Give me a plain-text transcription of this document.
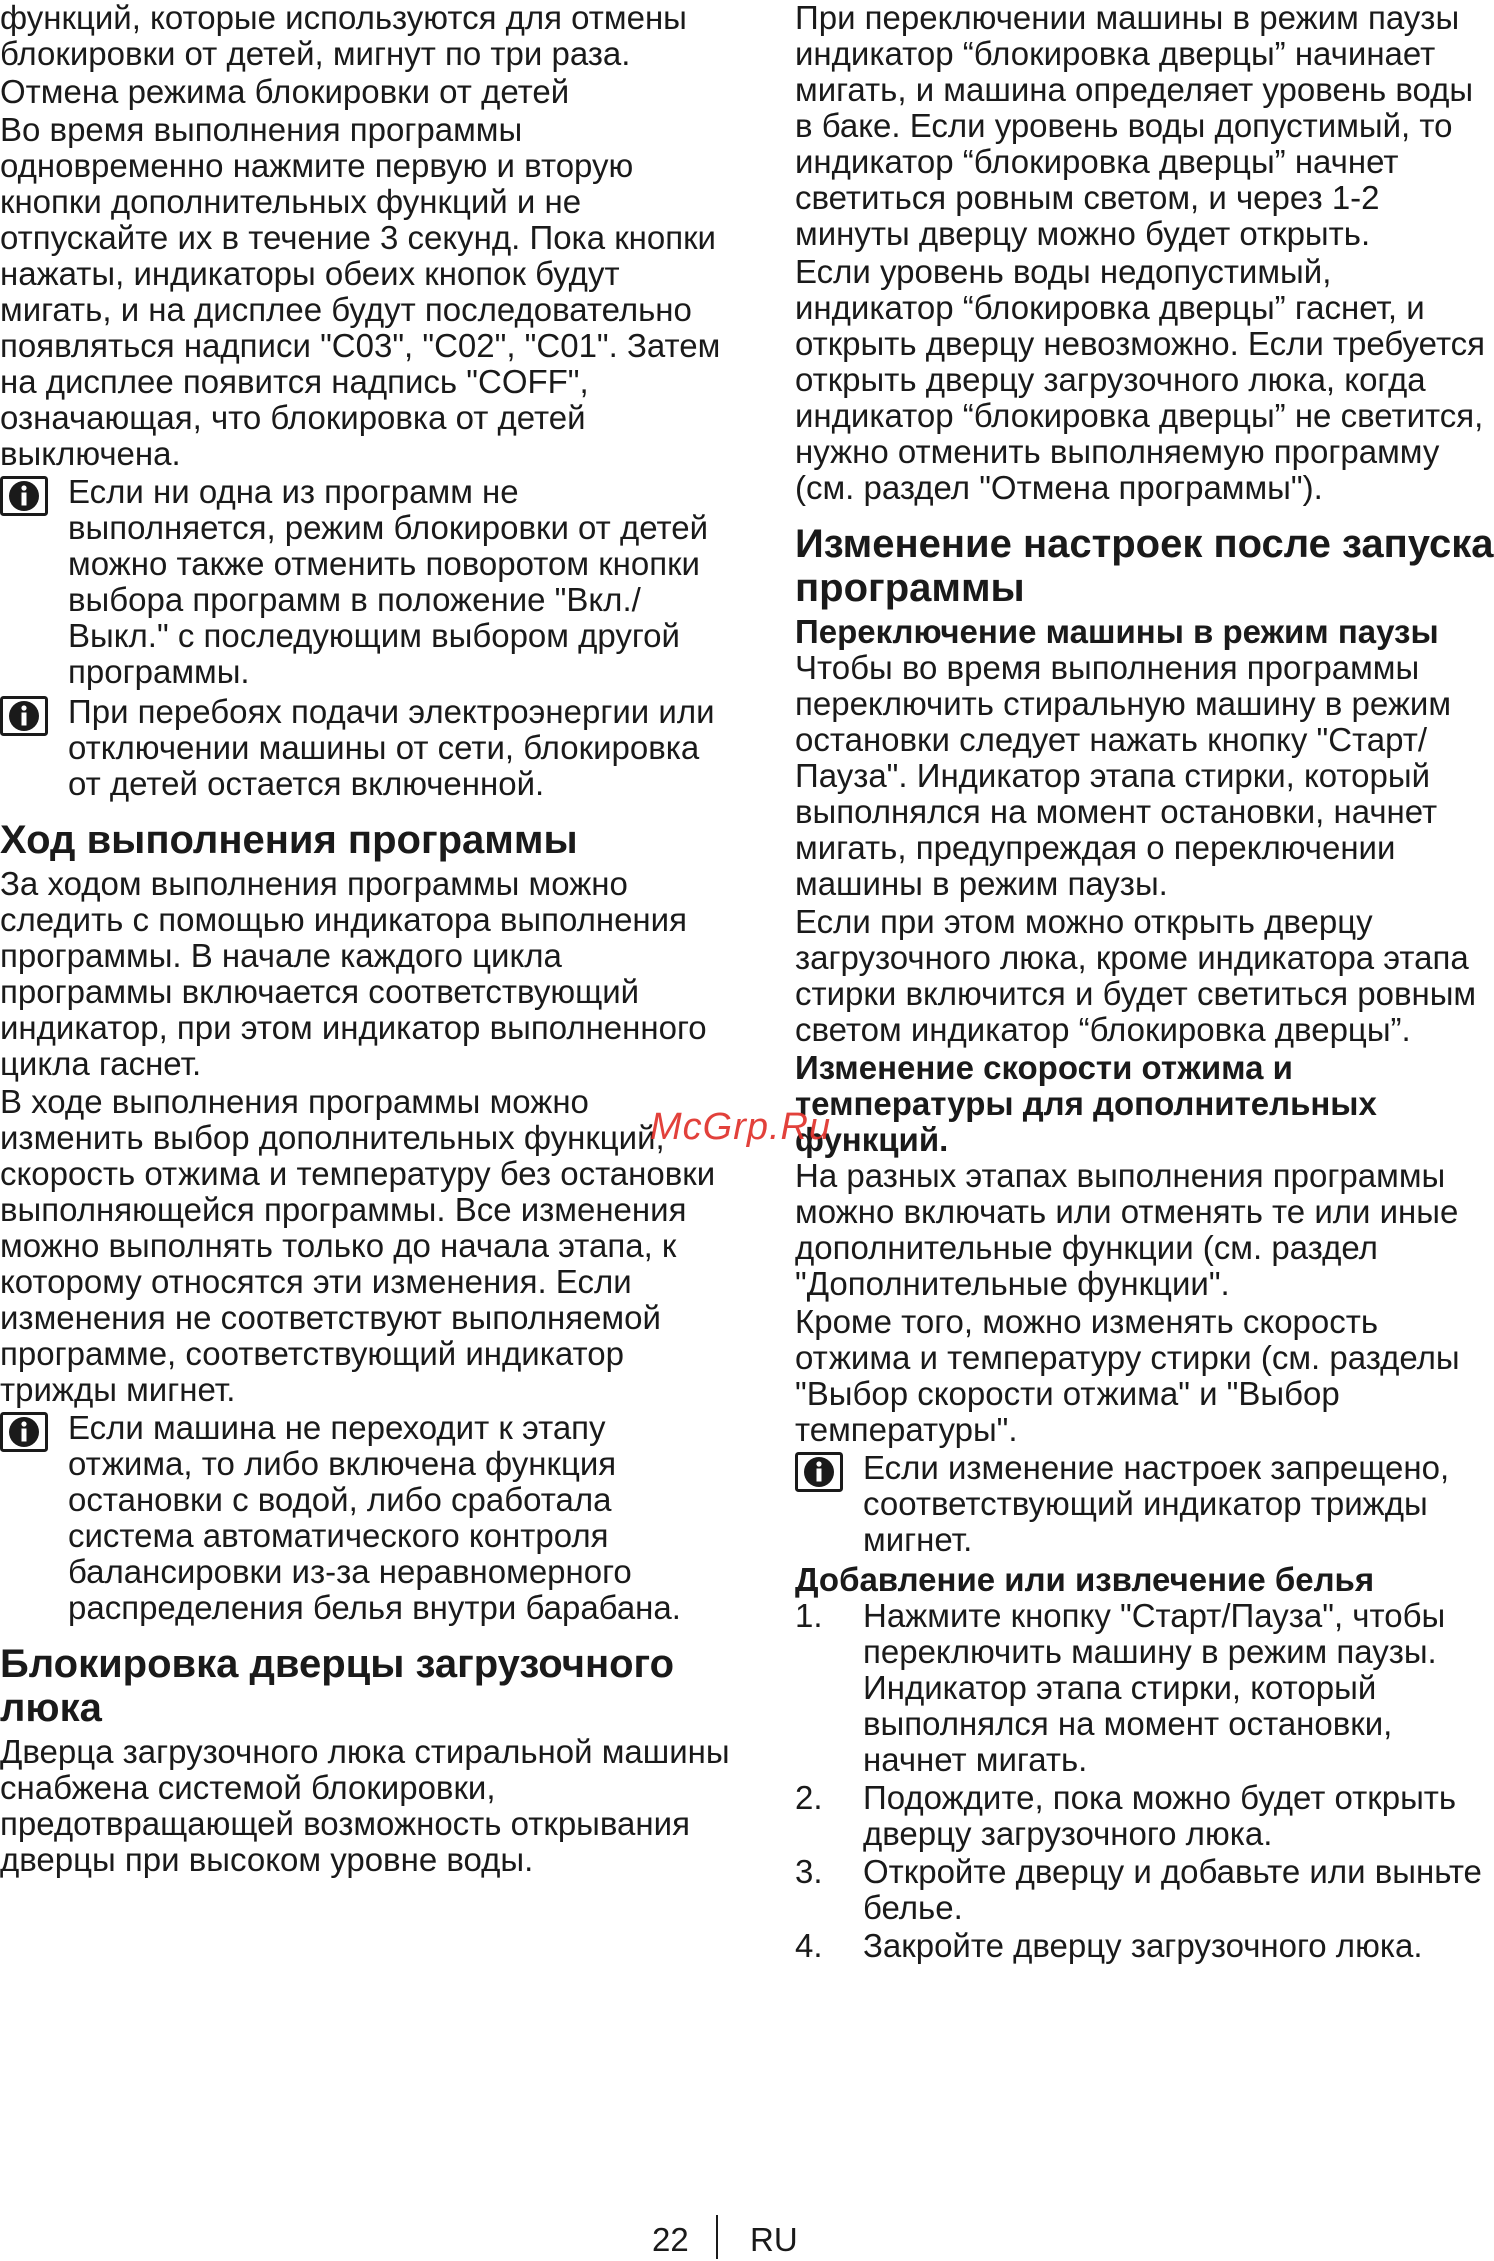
функций, которые используются для отмены блокировки от детей, мигнут по три раза.

Отмена режима блокировки от детей

Во время выполнения программы одновременно нажмите первую и вторую кнопки дополнительных функций и не отпускайте их в течение 3 секунд. Пока кнопки нажаты, индикаторы обеих кнопок будут мигать, и на дисплее будут последовательно появляться надписи "C03", "C02", "C01". Затем на дисплее появится надпись "COFF", означающая, что блокировка от детей выключена.

Если ни одна из программ не выполняется, режим блокировки от детей можно также отменить поворотом кнопки выбора программ в положение "Вкл./Выкл." с последующим выбором другой программы.

При перебоях подачи электроэнергии или отключении машины от сети, блокировка от детей остается включенной.

Ход выполнения программы

За ходом выполнения программы можно следить с помощью индикатора выполнения программы. В начале каждого цикла программы включается соответствующий индикатор, при этом индикатор выполненного цикла гаснет.

В ходе выполнения программы можно изменить выбор дополнительных функций, скорость отжима и температуру без остановки выполняющейся программы. Все изменения можно выполнять только до начала этапа, к которому относятся эти изменения. Если изменения не соответствуют выполняемой программе, соответствующий индикатор трижды мигнет.

Если машина не переходит к этапу отжима, то либо включена функция остановки с водой, либо сработала система автоматического контроля балансировки из-за неравномерного распределения белья внутри барабана.

Блокировка дверцы загрузочного люка

Дверца загрузочного люка стиральной машины снабжена системой блокировки, предотвращающей возможность открывания дверцы при высоком уровне воды.

При переключении машины в режим паузы индикатор “блокировка дверцы” начинает мигать, и машина определяет уровень воды в баке. Если уровень воды допустимый, то индикатор “блокировка дверцы” начнет светиться ровным светом, и через 1-2 минуты дверцу можно будет открыть.

Если уровень воды недопустимый, индикатор “блокировка дверцы” гаснет, и открыть дверцу невозможно. Если требуется открыть дверцу загрузочного люка, когда индикатор “блокировка дверцы” не светится, нужно отменить выполняемую программу (см. раздел "Отмена программы").

Изменение настроек после запуска программы
Переключение машины в режим паузы

Чтобы во время выполнения программы переключить стиральную машину в режим остановки следует нажать кнопку "Старт/Пауза". Индикатор этапа стирки, который выполнялся на момент остановки, начнет мигать, предупреждая о переключении машины в режим паузы.

Если при этом можно открыть дверцу загрузочного люка, кроме индикатора этапа стирки включится и будет светиться ровным светом индикатор “блокировка дверцы”.

Изменение скорости отжима и температуры для дополнительных функций.

На разных этапах выполнения программы можно включать или отменять те или иные дополнительные функции (см. раздел "Дополнительные функции".

Кроме того, можно изменять скорость отжима и температуру стирки (см. разделы "Выбор скорости отжима" и "Выбор температуры".

Если изменение настроек запрещено, соответствующий индикатор трижды мигнет.

Добавление или извлечение белья

1. Нажмите кнопку "Старт/Пауза", чтобы переключить машину в режим паузы. Индикатор этапа стирки, который выполнялся на момент остановки, начнет мигать.

2. Подождите, пока можно будет открыть дверцу загрузочного люка.

3. Откройте дверцу и добавьте или выньте белье.

4. Закройте дверцу загрузочного люка.

McGrp.Ru
22 RU
